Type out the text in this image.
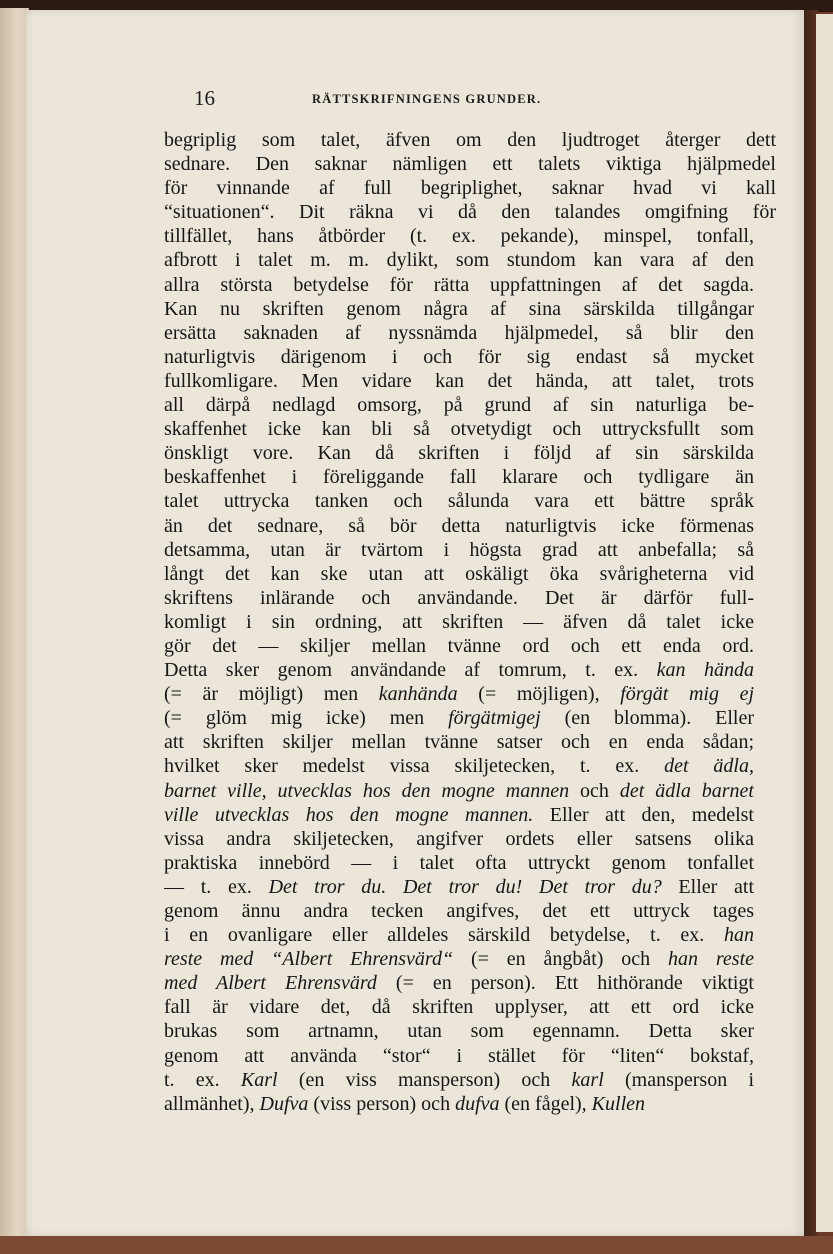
16	RÄTTSKRIFNINGENS GRUNDER.
begriplig som talet, äfven om den ljudtroget återger dett
sednare. Den saknar nämligen ett talets viktiga hjälpmedel
för vinnande af full begriplighet, saknar hvad vi kall
“situationen“. Dit räkna vi då den talandes omgifning för
tillfället, hans åtbörder (t. ex. pekande), minspel, tonfall,
afbrott i talet m. m. dylikt, som stundom kan vara af den
allra största betydelse för rätta uppfattningen af det sagda.
Kan nu skriften genom några af sina särskilda tillgångar
ersätta saknaden af nyssnämda hjälpmedel, så blir den
naturligtvis därigenom i och för sig endast så mycket
fullkomligare. Men vidare kan det hända, att talet, trots
all därpå nedlagd omsorg, på grund af sin naturliga be-
skaffenhet icke kan bli så otvetydigt och uttrycksfullt som
önskligt vore. Kan då skriften i följd af sin särskilda
beskaffenhet i föreliggande fall klarare och tydligare än
talet uttrycka tanken och sålunda vara ett bättre språk
än det sednare, så bör detta naturligtvis icke förmenas
detsamma, utan är tvärtom i högsta grad att anbefalla; så
långt det kan ske utan att oskäligt öka svårigheterna vid
skriftens inlärande och användande. Det är därför full-
komligt i sin ordning, att skriften — äfven då talet icke
gör det — skiljer mellan tvänne ord och ett enda ord.
Detta sker genom användande af tomrum, t. ex. kan hända
(= är möjligt) men kanhända (= möjligen), förgät mig ej
(= glöm mig icke) men förgätmigej (en blomma). Eller
att skriften skiljer mellan tvänne satser och en enda sådan;
hvilket sker medelst vissa skiljetecken, t. ex. det ädla,
barnet ville, utvecklas hos den mogne mannen och det ädla barnet
ville utvecklas hos den mogne mannen. Eller att den, medelst
vissa andra skiljetecken, angifver ordets eller satsens olika
praktiska innebörd — i talet ofta uttryckt genom tonfallet
— t. ex. Det tror du. Det tror du! Det tror du? Eller att
genom ännu andra tecken angifves, det ett uttryck tages
i en ovanligare eller alldeles särskild betydelse, t. ex. han
reste med “Albert Ehrensvärd“ (= en ångbåt) och han reste
med Albert Ehrensvärd (= en person). Ett hithörande viktigt
fall är vidare det, då skriften upplyser, att ett ord icke
brukas som artnamn, utan som egennamn. Detta sker
genom att använda “stor“ i stället för “liten“ bokstaf,
t. ex. Karl (en viss mansperson) och karl (mansperson i
allmänhet), Dufva (viss person) och dufva (en fågel), Kullen
